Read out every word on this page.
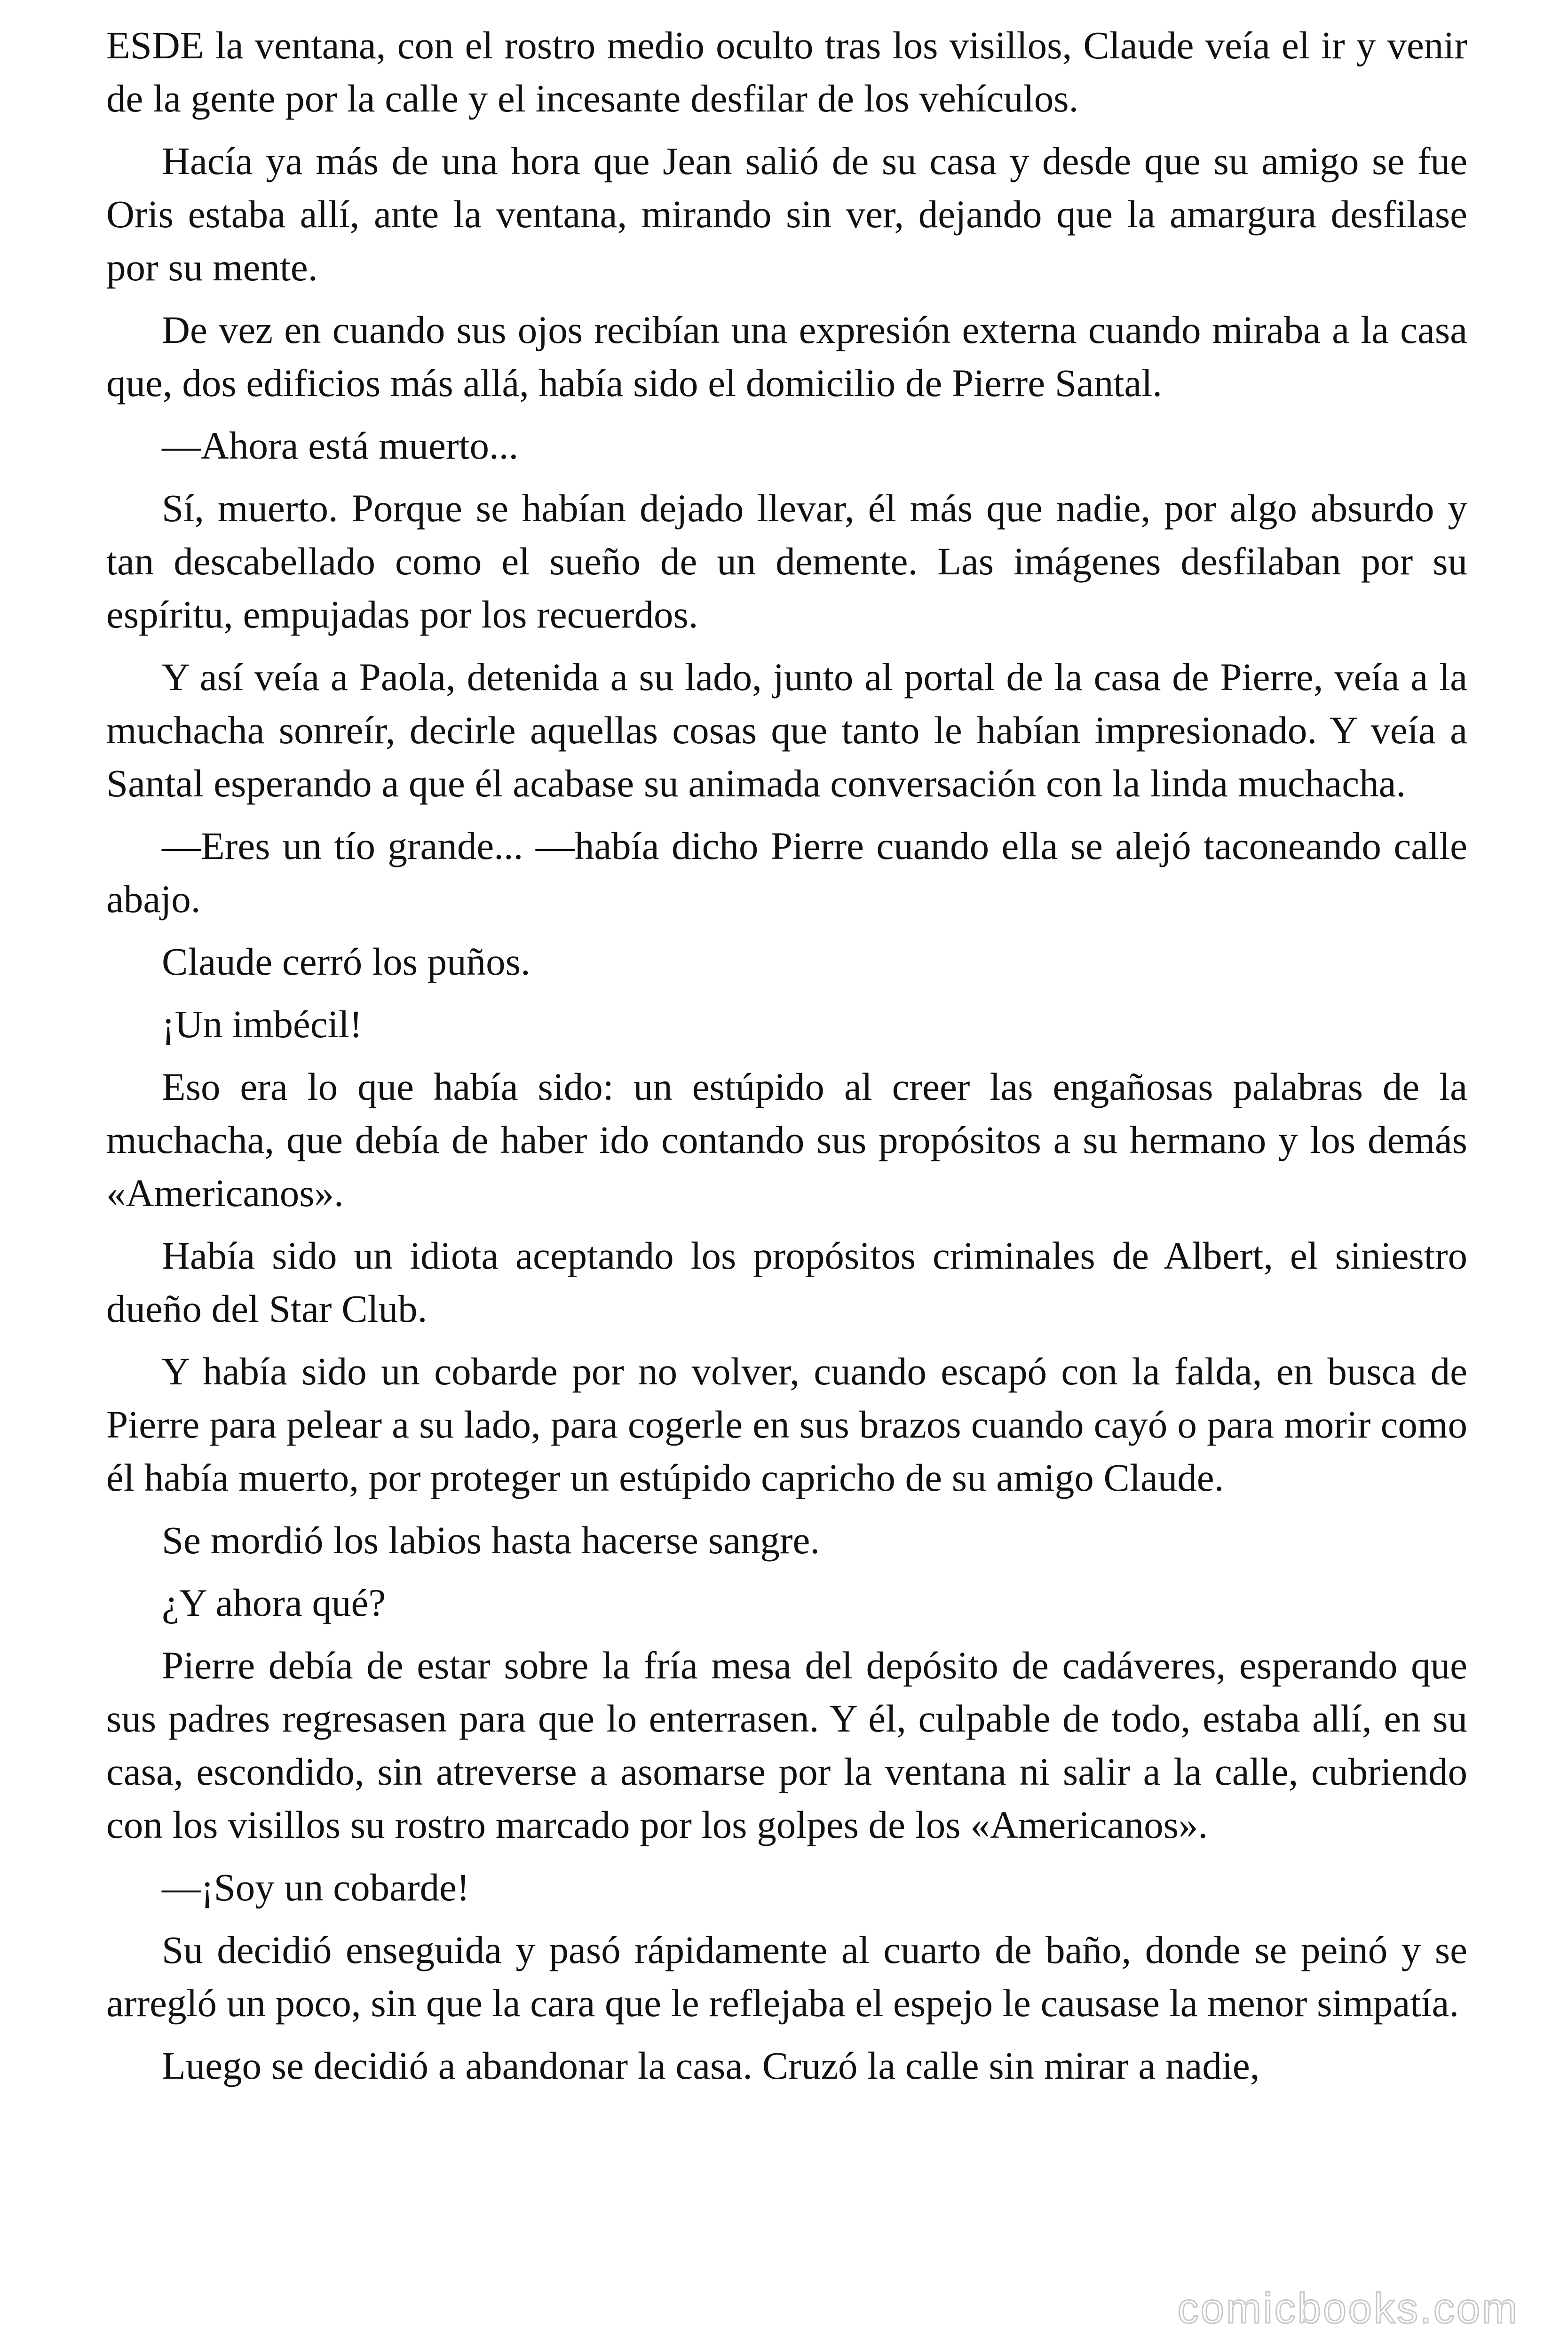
ESDE la ventana, con el rostro medio oculto tras los visillos, Claude veía el ir y venir de la gente por la calle y el incesante desfilar de los vehículos.

Hacía ya más de una hora que Jean salió de su casa y desde que su amigo se fue Oris estaba allí, ante la ventana, mirando sin ver, dejando que la amargura desfilase por su mente.

De vez en cuando sus ojos recibían una expresión externa cuando miraba a la casa que, dos edificios más allá, había sido el domicilio de Pierre Santal.

—Ahora está muerto...

Sí, muerto. Porque se habían dejado llevar, él más que nadie, por algo absurdo y tan descabellado como el sueño de un demente. Las imágenes desfilaban por su espíritu, empujadas por los recuerdos.

Y así veía a Paola, detenida a su lado, junto al portal de la casa de Pierre, veía a la muchacha sonreír, decirle aquellas cosas que tanto le habían impresionado. Y veía a Santal esperando a que él acabase su animada conversación con la linda muchacha.

—Eres un tío grande... —había dicho Pierre cuando ella se alejó taconeando calle abajo.

Claude cerró los puños.

¡Un imbécil!

Eso era lo que había sido: un estúpido al creer las engañosas palabras de la muchacha, que debía de haber ido contando sus propósitos a su hermano y los demás «Americanos».

Había sido un idiota aceptando los propósitos criminales de Albert, el siniestro dueño del Star Club.

Y había sido un cobarde por no volver, cuando escapó con la falda, en busca de Pierre para pelear a su lado, para cogerle en sus brazos cuando cayó o para morir como él había muerto, por proteger un estúpido capricho de su amigo Claude.

Se mordió los labios hasta hacerse sangre.

¿Y ahora qué?

Pierre debía de estar sobre la fría mesa del depósito de cadáveres, esperando que sus padres regresasen para que lo enterrasen. Y él, culpable de todo, estaba allí, en su casa, escondido, sin atreverse a asomarse por la ventana ni salir a la calle, cubriendo con los visillos su rostro marcado por los golpes de los «Americanos».

—¡Soy un cobarde!

Su decidió enseguida y pasó rápidamente al cuarto de baño, donde se peinó y se arregló un poco, sin que la cara que le reflejaba el espejo le causase la menor simpatía.

Luego se decidió a abandonar la casa. Cruzó la calle sin mirar a nadie,

comicbooks.com
